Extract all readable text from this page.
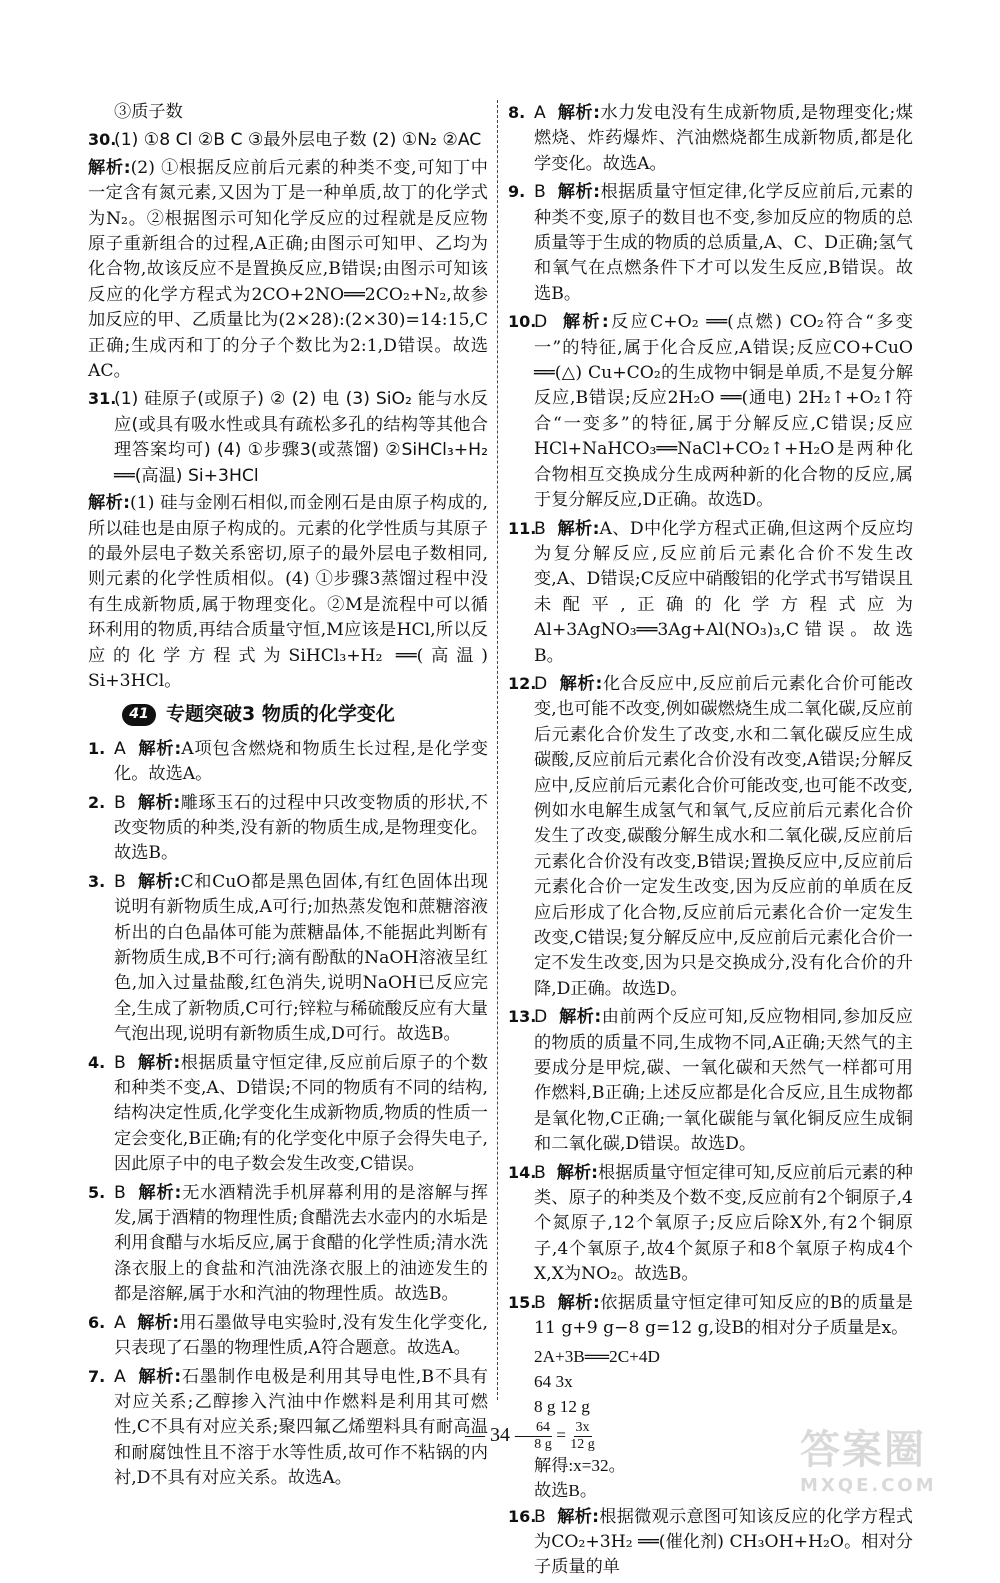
③质子数

30.(1) ①8 Cl ②B C ③最外层电子数 (2) ①N₂ ②AC

解析:(2) ①根据反应前后元素的种类不变,可知丁中一定含有氮元素,又因为丁是一种单质,故丁的化学式为N₂。②根据图示可知化学反应的过程就是反应物原子重新组合的过程,A正确;由图示可知甲、乙均为化合物,故该反应不是置换反应,B错误;由图示可知该反应的化学方程式为2CO+2NO══2CO₂+N₂,故参加反应的甲、乙质量比为(2×28):(2×30)=14:15,C正确;生成丙和丁的分子个数比为2:1,D错误。故选AC。

31.(1) 硅原子(或原子) ② (2) 电 (3) SiO₂ 能与水反应(或具有吸水性或具有疏松多孔的结构等其他合理答案均可) (4) ①步骤3(或蒸馏) ②SiHCl₃+H₂ ══(高温) Si+3HCl

解析:(1) 硅与金刚石相似,而金刚石是由原子构成的,所以硅也是由原子构成的。元素的化学性质与其原子的最外层电子数关系密切,原子的最外层电子数相同,则元素的化学性质相似。(4) ①步骤3蒸馏过程中没有生成新物质,属于物理变化。②M是流程中可以循环利用的物质,再结合质量守恒,M应该是HCl,所以反应的化学方程式为SiHCl₃+H₂ ══(高温) Si+3HCl。

41 专题突破3 物质的化学变化

1. A 解析:A项包含燃烧和物质生长过程,是化学变化。故选A。

2. B 解析:雕琢玉石的过程中只改变物质的形状,不改变物质的种类,没有新的物质生成,是物理变化。故选B。

3. B 解析:C和CuO都是黑色固体,有红色固体出现说明有新物质生成,A可行;加热蒸发饱和蔗糖溶液析出的白色晶体可能为蔗糖晶体,不能据此判断有新物质生成,B不可行;滴有酚酞的NaOH溶液呈红色,加入过量盐酸,红色消失,说明NaOH已反应完全,生成了新物质,C可行;锌粒与稀硫酸反应有大量气泡出现,说明有新物质生成,D可行。故选B。

4. B 解析:根据质量守恒定律,反应前后原子的个数和种类不变,A、D错误;不同的物质有不同的结构,结构决定性质,化学变化生成新物质,物质的性质一定会变化,B正确;有的化学变化中原子会得失电子,因此原子中的电子数会发生改变,C错误。

5. B 解析:无水酒精洗手机屏幕利用的是溶解与挥发,属于酒精的物理性质;食醋洗去水壶内的水垢是利用食醋与水垢反应,属于食醋的化学性质;清水洗涤衣服上的食盐和汽油洗涤衣服上的油迹发生的都是溶解,属于水和汽油的物理性质。故选B。

6. A 解析:用石墨做导电实验时,没有发生化学变化,只表现了石墨的物理性质,A符合题意。故选A。

7. A 解析:石墨制作电极是利用其导电性,B不具有对应关系;乙醇掺入汽油中作燃料是利用其可燃性,C不具有对应关系;聚四氟乙烯塑料具有耐高温和耐腐蚀性且不溶于水等性质,故可作不粘锅的内衬,D不具有对应关系。故选A。

8. A 解析:水力发电没有生成新物质,是物理变化;煤燃烧、炸药爆炸、汽油燃烧都生成新物质,都是化学变化。故选A。

9. B 解析:根据质量守恒定律,化学反应前后,元素的种类不变,原子的数目也不变,参加反应的物质的总质量等于生成的物质的总质量,A、C、D正确;氢气和氧气在点燃条件下才可以发生反应,B错误。故选B。

10.D 解析:反应C+O₂ ══(点燃) CO₂符合“多变一”的特征,属于化合反应,A错误;反应CO+CuO ══(△) Cu+CO₂的生成物中铜是单质,不是复分解反应,B错误;反应2H₂O ══(通电) 2H₂↑+O₂↑符合“一变多”的特征,属于分解反应,C错误;反应HCl+NaHCO₃══NaCl+CO₂↑+H₂O是两种化合物相互交换成分生成两种新的化合物的反应,属于复分解反应,D正确。故选D。

11.B 解析:A、D中化学方程式正确,但这两个反应均为复分解反应,反应前后元素化合价不发生改变,A、D错误;C反应中硝酸铝的化学式书写错误且未配平,正确的化学方程式应为Al+3AgNO₃══3Ag+Al(NO₃)₃,C错误。故选B。

12.D 解析:化合反应中,反应前后元素化合价可能改变,也可能不改变,例如碳燃烧生成二氧化碳,反应前后元素化合价发生了改变,水和二氧化碳反应生成碳酸,反应前后元素化合价没有改变,A错误;分解反应中,反应前后元素化合价可能改变,也可能不改变,例如水电解生成氢气和氧气,反应前后元素化合价发生了改变,碳酸分解生成水和二氧化碳,反应前后元素化合价没有改变,B错误;置换反应中,反应前后元素化合价一定发生改变,因为反应前的单质在反应后形成了化合物,反应前后元素化合价一定发生改变,C错误;复分解反应中,反应前后元素化合价一定不发生改变,因为只是交换成分,没有化合价的升降,D正确。故选D。

13.D 解析:由前两个反应可知,反应物相同,参加反应的物质的质量不同,生成物不同,A正确;天然气的主要成分是甲烷,碳、一氧化碳和天然气一样都可用作燃料,B正确;上述反应都是化合反应,且生成物都是氧化物,C正确;一氧化碳能与氧化铜反应生成铜和二氧化碳,D错误。故选D。

14.B 解析:根据质量守恒定律可知,反应前后元素的种类、原子的种类及个数不变,反应前有2个铜原子,4个氮原子,12个氧原子;反应后除X外,有2个铜原子,4个氧原子,故4个氮原子和8个氧原子构成4个X,X为NO₂。故选B。

15.B 解析:依据质量守恒定律可知反应的B的质量是11 g+9 g−8 g=12 g,设B的相对分子质量是x。

2A+3B══2C+4D
64 3x
8 g 12 g
$\frac{64}{8 g} = \frac{3x}{12 g}$
解得:x=32。
故选B。

16.B 解析:根据微观示意图可知该反应的化学方程式为CO₂+3H₂ ══(催化剂) CH₃OH+H₂O。相对分子质量的单

— 34 —	答案圈
MXQE.COM
